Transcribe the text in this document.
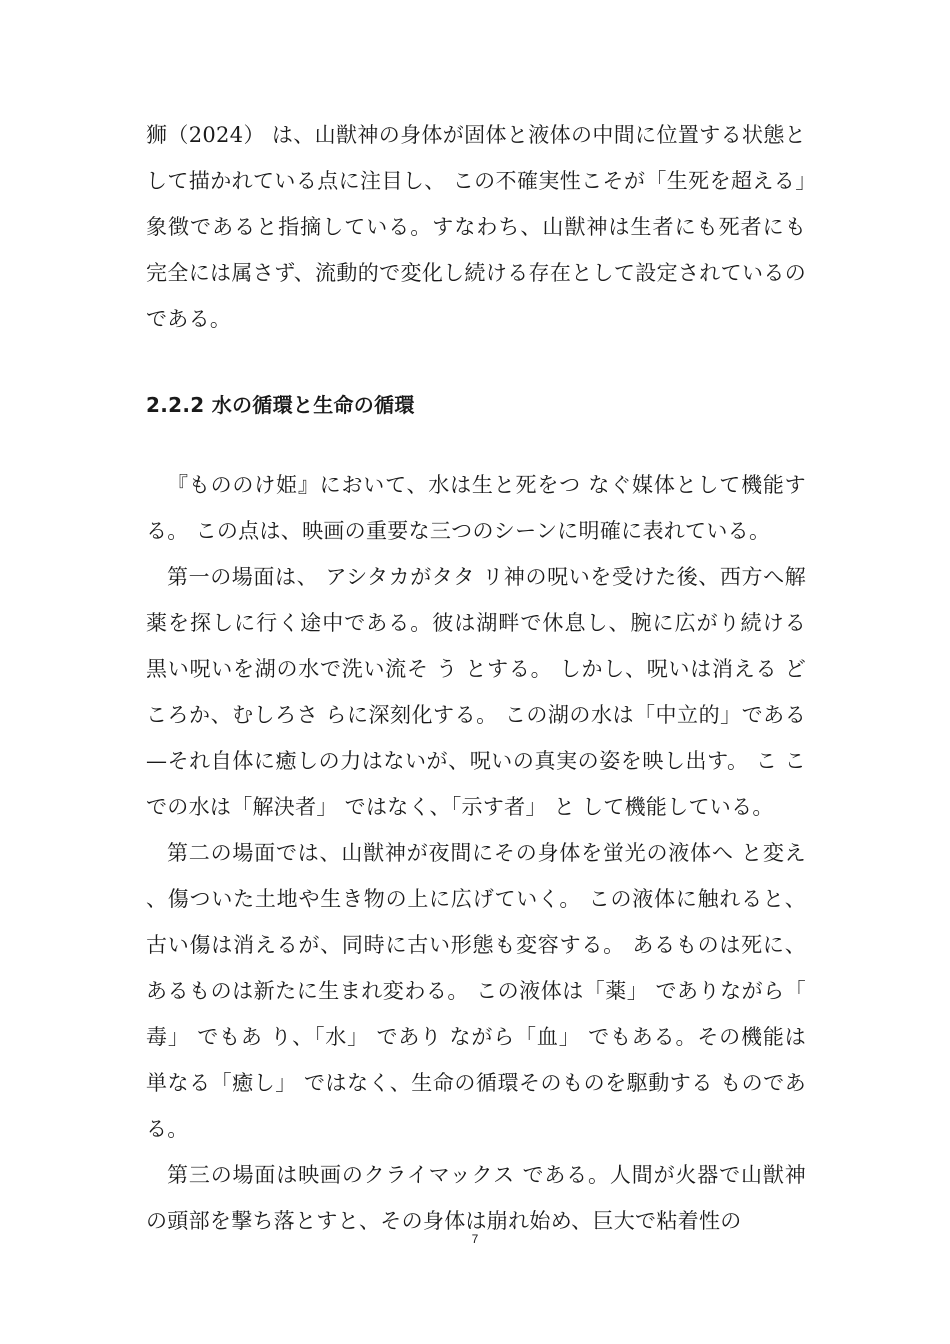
狮（2024） は、山獣神の身体が固体と液体の中間に位置する状態と して描かれている点に注目し、 この不確実性こそが「生死を超える」象徴であると指摘している。すなわち、山獣神は生者にも死者にも完全には属さず、流動的で変化し続ける存在として設定されているのである。

2.2.2 水の循環と生命の循環

『もののけ姫』において、水は生と死をつ なぐ媒体として機能する。 この点は、映画の重要な三つのシーンに明確に表れている。

第一の場面は、 アシタカがタタ リ神の呪いを受けた後、西方へ解薬を探しに行く途中である。彼は湖畔で休息し、腕に広がり続ける黒い呪いを湖の水で洗い流そ う とする。 しかし、呪いは消える どころか、むしろさ らに深刻化する。 この湖の水は「中立的」である—それ自体に癒しの力はないが、呪いの真実の姿を映し出す。 こ こでの水は「解決者」 ではなく、「示す者」 と して機能している。

第二の場面では、山獣神が夜間にその身体を蛍光の液体へ と変え、傷ついた土地や生き物の上に広げていく。 この液体に触れると、古い傷は消えるが、同時に古い形態も変容する。 あるものは死に、 あるものは新たに生まれ変わる。 この液体は「薬」 でありながら「毒」 でもあ り、「水」 であり ながら「血」 でもある。その機能は単なる「癒し」 ではなく、生命の循環そのものを駆動する ものである。

第三の場面は映画のクライマックス である。人間が火器で山獣神の頭部を撃ち落とすと、その身体は崩れ始め、巨大で粘着性の

7
